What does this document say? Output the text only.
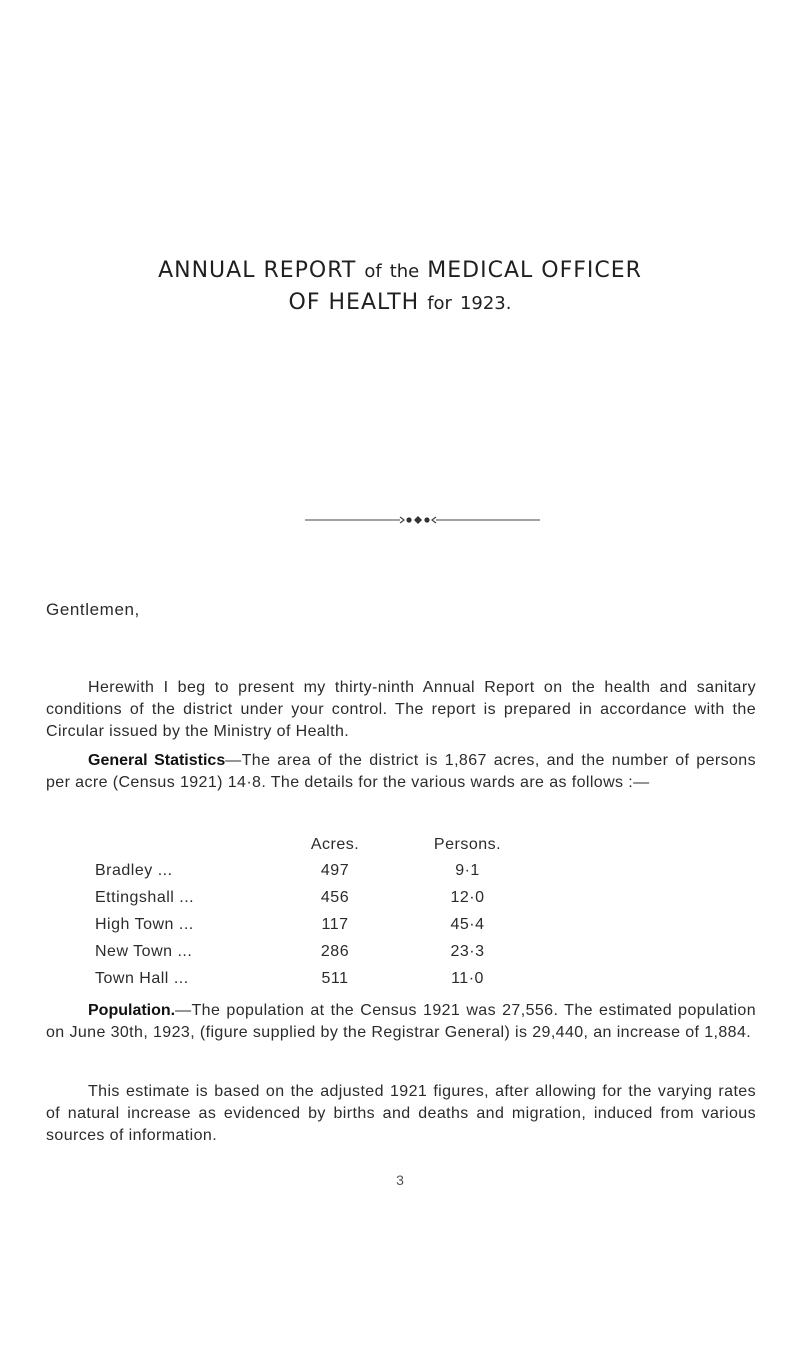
ANNUAL REPORT of the MEDICAL OFFICER
OF HEALTH for 1923.
Gentlemen,

Herewith I beg to present my thirty-ninth Annual Report on the health and sanitary conditions of the district under your control. The report is prepared in accordance with the Circular issued by the Ministry of Health.

General Statistics—The area of the district is 1,867 acres, and the number of persons per acre (Census 1921) 14·8. The details for the various wards are as follows :—

	Acres.	Persons.
Bradley ...	497	9·1
Ettingshall ...	456	12·0
High Town ...	117	45·4
New Town ...	286	23·3
Town Hall ...	511	11·0

Population.—The population at the Census 1921 was 27,556. The estimated population on June 30th, 1923, (figure supplied by the Registrar General) is 29,440, an increase of 1,884.

This estimate is based on the adjusted 1921 figures, after allowing for the varying rates of natural increase as evidenced by births and deaths and migration, induced from various sources of information.

3
